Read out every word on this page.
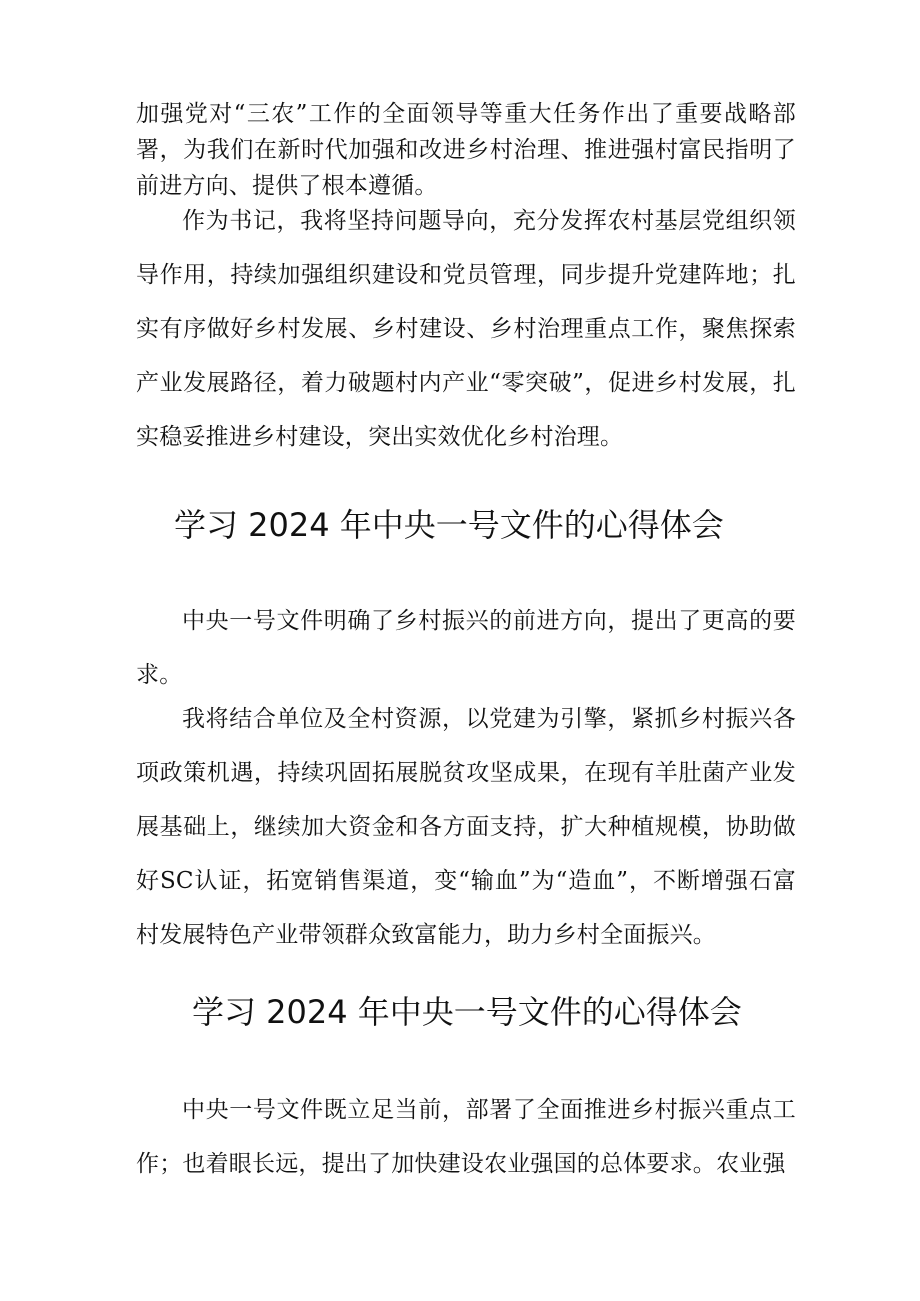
加强党对“三农”工作的全面领导等重大任务作出了重要战略部署，为我们在新时代加强和改进乡村治理、推进强村富民指明了前进方向、提供了根本遵循。

作为书记，我将坚持问题导向，充分发挥农村基层党组织领导作用，持续加强组织建设和党员管理，同步提升党建阵地；扎实有序做好乡村发展、乡村建设、乡村治理重点工作，聚焦探索产业发展路径，着力破题村内产业“零突破”，促进乡村发展，扎实稳妥推进乡村建设，突出实效优化乡村治理。

学习 2024 年中央一号文件的心得体会

中央一号文件明确了乡村振兴的前进方向，提出了更高的要求。

我将结合单位及全村资源，以党建为引擎，紧抓乡村振兴各项政策机遇，持续巩固拓展脱贫攻坚成果，在现有羊肚菌产业发展基础上，继续加大资金和各方面支持，扩大种植规模，协助做好SC认证，拓宽销售渠道，变“输血”为“造血”，不断增强石富村发展特色产业带领群众致富能力，助力乡村全面振兴。

学习 2024 年中央一号文件的心得体会

中央一号文件既立足当前，部署了全面推进乡村振兴重点工作；也着眼长远，提出了加快建设农业强国的总体要求。农业强
